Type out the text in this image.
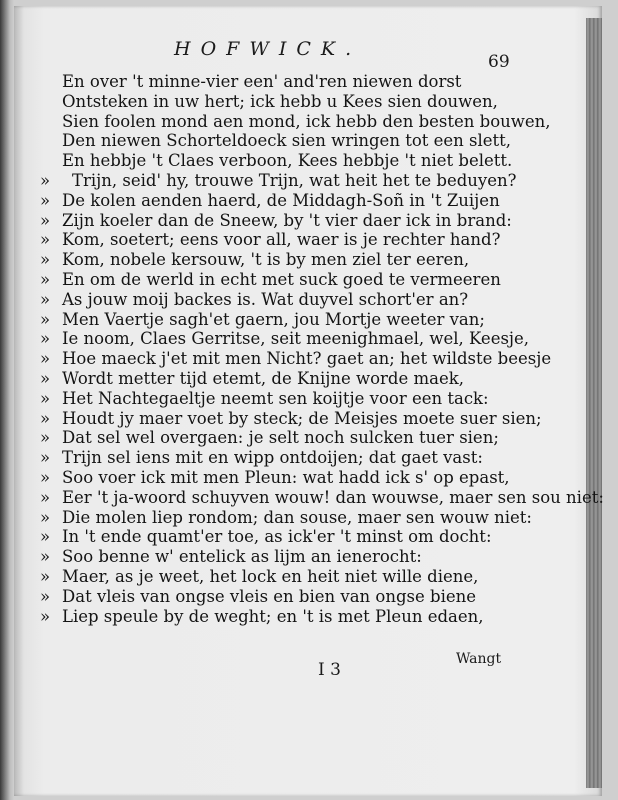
HOFWICK.
69
En over 't minne-vier een' and'ren niewen dorst
Ontsteken in uw hert; ick hebb u Kees sien douwen,
Sien foolen mond aen mond, ick hebb den besten bouwen,
Den niewen Schorteldoeck sien wringen tot een slett,
En hebbje 't Claes verboon, Kees hebbje 't niet belett.
» Trijn, seid' hy, trouwe Trijn, wat heit het te beduyen?
» De kolen aenden haerd, de Middagh-Soñ in 't Zuijen
» Zijn koeler dan de Sneew, by 't vier daer ick in brand:
» Kom, soetert; eens voor all, waer is je rechter hand?
» Kom, nobele kersouw, 't is by men ziel ter eeren,
» En om de werld in echt met suck goed te vermeeren
» As jouw moij backes is. Wat duyvel schort'er an?
» Men Vaertje sagh'et gaern, jou Mortje weeter van;
» Ie noom, Claes Gerritse, seit meenighmael, wel, Keesje,
» Hoe maeck j'et mit men Nicht? gaet an; het wildste beesje
» Wordt metter tijd etemt, de Knijne worde maek,
» Het Nachtegaeltje neemt sen koijtje voor een tack:
» Houdt jy maer voet by steck; de Meisjes moete suer sien;
» Dat sel wel overgaen: je selt noch sulcken tuer sien;
» Trijn sel iens mit en wipp ontdoijen; dat gaet vast:
» Soo voer ick mit men Pleun: wat hadd ick s' op epast,
» Eer 't ja-woord schuyven wouw! dan wouwse, maer sen sou niet:
» Die molen liep rondom; dan souse, maer sen wouw niet:
» In 't ende quamt'er toe, as ick'er 't minst om docht:
» Soo benne w' entelick as lijm an ienerocht:
» Maer, as je weet, het lock en heit niet wille diene,
» Dat vleis van ongse vleis en bien van ongse biene
» Liep speule by de weght; en 't is met Pleun edaen,
I 3
Wangt
